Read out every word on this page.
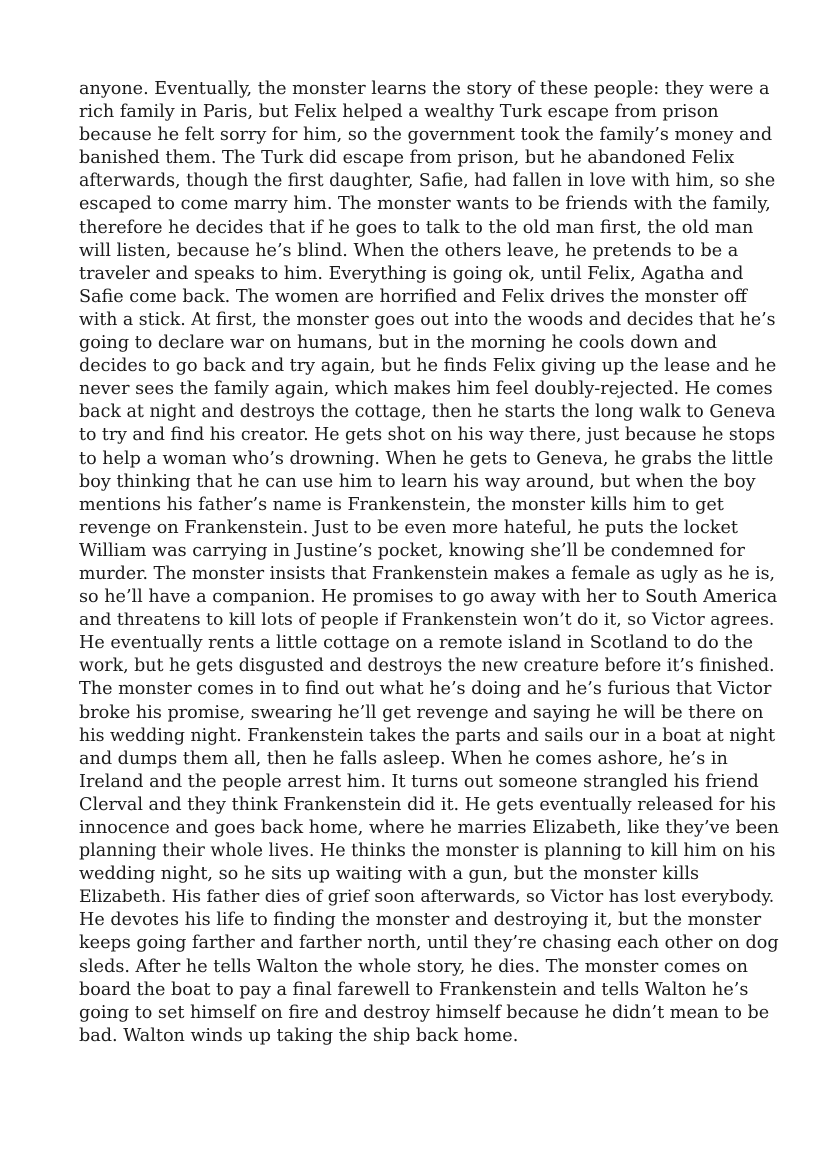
anyone. Eventually, the monster learns the story of these people: they were a
rich family in Paris, but Felix helped a wealthy Turk escape from prison
because he felt sorry for him, so the government took the family’s money and
banished them. The Turk did escape from prison, but he abandoned Felix
afterwards, though the first daughter, Safie, had fallen in love with him, so she
escaped to come marry him. The monster wants to be friends with the family,
therefore he decides that if he goes to talk to the old man first, the old man
will listen, because he’s blind. When the others leave, he pretends to be a
traveler and speaks to him. Everything is going ok, until Felix, Agatha and
Safie come back. The women are horrified and Felix drives the monster off
with a stick. At first, the monster goes out into the woods and decides that he’s
going to declare war on humans, but in the morning he cools down and
decides to go back and try again, but he finds Felix giving up the lease and he
never sees the family again, which makes him feel doubly-rejected. He comes
back at night and destroys the cottage, then he starts the long walk to Geneva
to try and find his creator. He gets shot on his way there, just because he stops
to help a woman who’s drowning. When he gets to Geneva, he grabs the little
boy thinking that he can use him to learn his way around, but when the boy
mentions his father’s name is Frankenstein, the monster kills him to get
revenge on Frankenstein. Just to be even more hateful, he puts the locket
William was carrying in Justine’s pocket, knowing she’ll be condemned for
murder. The monster insists that Frankenstein makes a female as ugly as he is,
so he’ll have a companion. He promises to go away with her to South America
and threatens to kill lots of people if Frankenstein won’t do it, so Victor agrees.
He eventually rents a little cottage on a remote island in Scotland to do the
work, but he gets disgusted and destroys the new creature before it’s finished.
The monster comes in to find out what he’s doing and he’s furious that Victor
broke his promise, swearing he’ll get revenge and saying he will be there on
his wedding night. Frankenstein takes the parts and sails our in a boat at night
and dumps them all, then he falls asleep. When he comes ashore, he’s in
Ireland and the people arrest him. It turns out someone strangled his friend
Clerval and they think Frankenstein did it. He gets eventually released for his
innocence and goes back home, where he marries Elizabeth, like they’ve been
planning their whole lives. He thinks the monster is planning to kill him on his
wedding night, so he sits up waiting with a gun, but the monster kills
Elizabeth. His father dies of grief soon afterwards, so Victor has lost everybody.
He devotes his life to finding the monster and destroying it, but the monster
keeps going farther and farther north, until they’re chasing each other on dog
sleds. After he tells Walton the whole story, he dies. The monster comes on
board the boat to pay a final farewell to Frankenstein and tells Walton he’s
going to set himself on fire and destroy himself because he didn’t mean to be
bad. Walton winds up taking the ship back home.
